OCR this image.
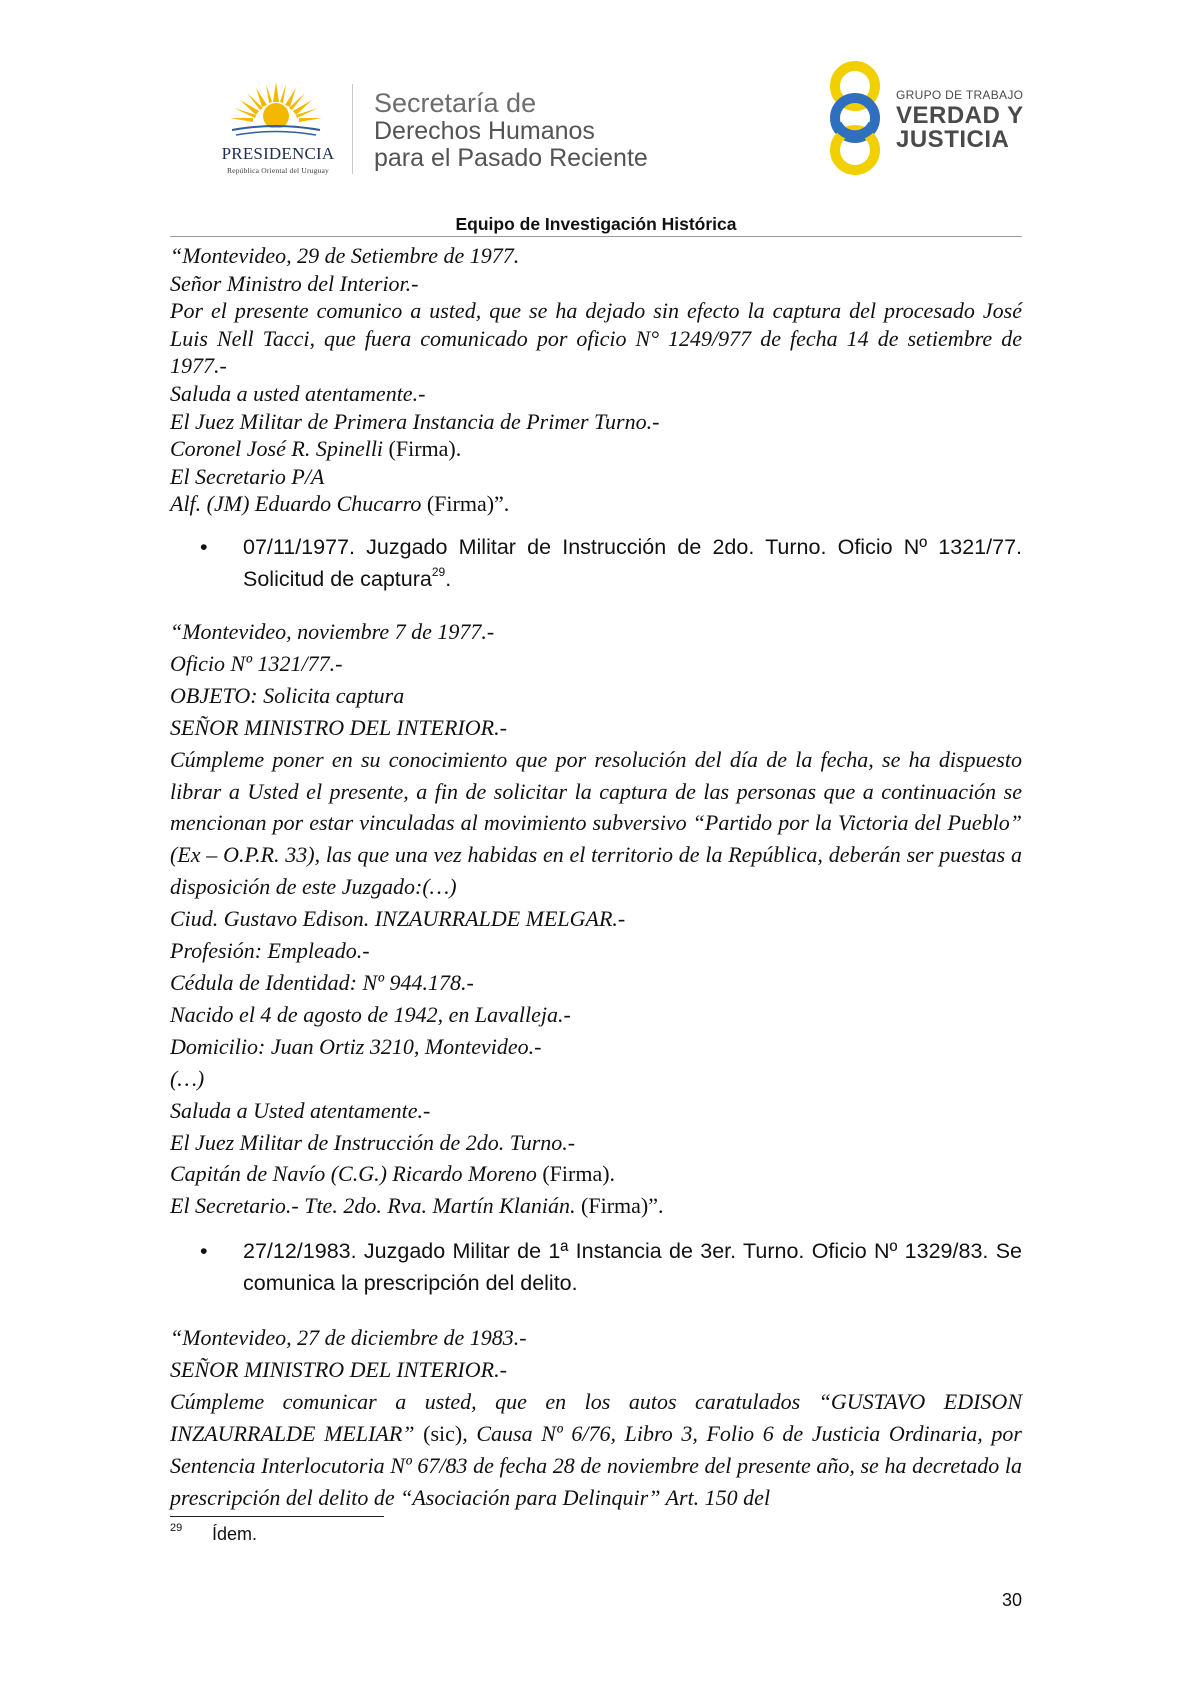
PRESIDENCIA
República Oriental del Uruguay
Secretaría de
Derechos Humanos
para el Pasado Reciente
GRUPO DE TRABAJO
VERDAD Y
JUSTICIA
Equipo de Investigación Histórica

“Montevideo, 29 de Setiembre de 1977.

Señor Ministro del Interior.-

Por el presente comunico a usted, que se ha dejado sin efecto la captura del procesado José Luis Nell Tacci, que fuera comunicado por oficio N° 1249/977 de fecha 14 de setiembre de 1977.-

Saluda a usted atentamente.-

El Juez Militar de Primera Instancia de Primer Turno.-

Coronel José R. Spinelli (Firma).

El Secretario P/A

Alf. (JM) Eduardo Chucarro (Firma)”.

• 07/11/1977. Juzgado Militar de Instrucción de 2do. Turno. Oficio Nº 1321/77. Solicitud de captura$^{29}$.

“Montevideo, noviembre 7 de 1977.-

Oficio Nº 1321/77.-

OBJETO: Solicita captura

SEÑOR MINISTRO DEL INTERIOR.-

Cúmpleme poner en su conocimiento que por resolución del día de la fecha, se ha dispuesto librar a Usted el presente, a fin de solicitar la captura de las personas que a continuación se mencionan por estar vinculadas al movimiento subversivo “Partido por la Victoria del Pueblo” (Ex – O.P.R. 33), las que una vez habidas en el territorio de la República, deberán ser puestas a disposición de este Juzgado:(…)

Ciud. Gustavo Edison. INZAURRALDE MELGAR.-

Profesión: Empleado.-

Cédula de Identidad: Nº 944.178.-

Nacido el 4 de agosto de 1942, en Lavalleja.-

Domicilio: Juan Ortiz 3210, Montevideo.-

(…)

Saluda a Usted atentamente.-

El Juez Militar de Instrucción de 2do. Turno.-

Capitán de Navío (C.G.) Ricardo Moreno (Firma).

El Secretario.- Tte. 2do. Rva. Martín Klanián. (Firma)”.

• 27/12/1983. Juzgado Militar de 1ª Instancia de 3er. Turno. Oficio Nº 1329/83. Se comunica la prescripción del delito.

“Montevideo, 27 de diciembre de 1983.-

SEÑOR MINISTRO DEL INTERIOR.-

Cúmpleme comunicar a usted, que en los autos caratulados “GUSTAVO EDISON INZAURRALDE MELIAR” (sic), Causa Nº 6/76, Libro 3, Folio 6 de Justicia Ordinaria, por Sentencia Interlocutoria Nº 67/83 de fecha 28 de noviembre del presente año, se ha decretado la prescripción del delito de “Asociación para Delinquir” Art. 150 del

29 Ídem.
30
